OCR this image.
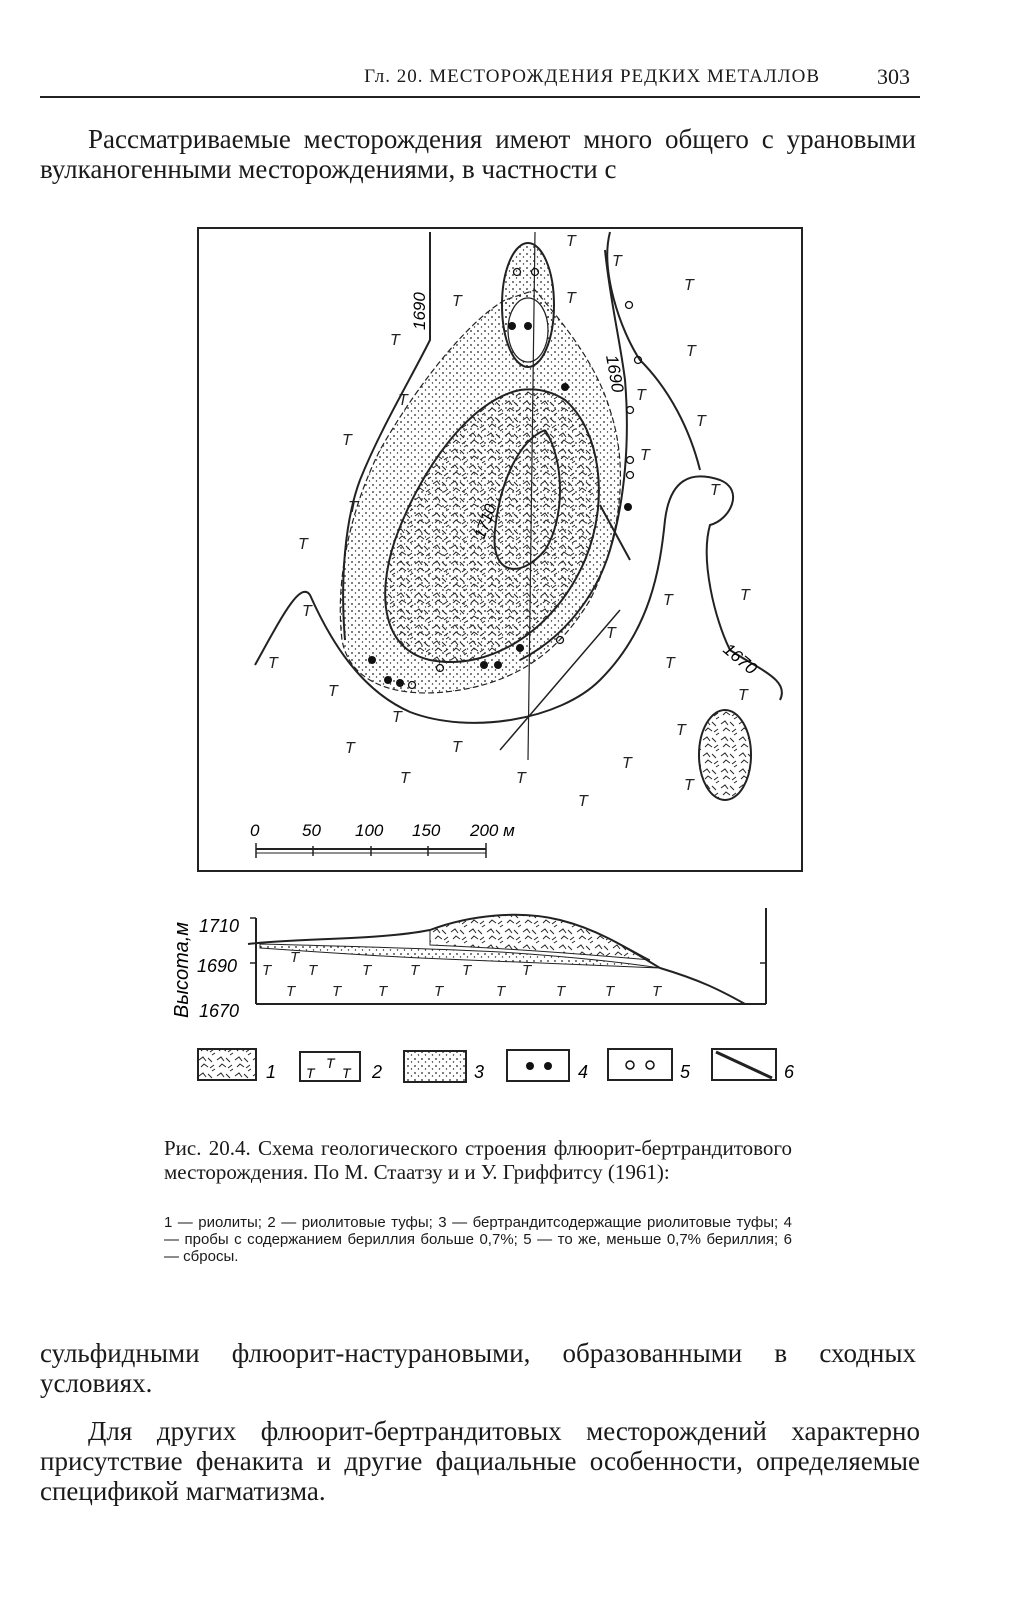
Гл. 20. МЕСТОРОЖДЕНИЯ РЕДКИХ МЕТАЛЛОВ	303
Рассматриваемые месторождения имеют много общего с урановыми вулканогенными месторождениями, в частности с
T
T
T
T
T
T
T
T
T
T
T	T
T	T
T
T
T
T
T
T
T
T
T
T
T
T
T
T
T
T
T
T
1690
1690
1710
1670
0	50 100 150 200 м
Высота,м 1710
1690
1670
T
T
T	T	T	T	T
T T T	T	T	T	T	T
1 T
T
T 2	3	4	5	6
Рис. 20.4. Схема геологического строения флюорит-бертрандитового месторождения. По М. Стаатзу и и У. Гриффитсу (1961):
1 — риолиты; 2 — риолитовые туфы; 3 — бертрандитсодержащие риолитовые туфы; 4 — пробы с содержанием бериллия больше 0,7%; 5 — то же, меньше 0,7% бериллия; 6 — сбросы.
сульфидными флюорит-настурановыми, образованными в сходных условиях.
Для других флюорит-бертрандитовых месторождений характерно присутствие фенакита и другие фациальные особенности, определяемые спецификой магматизма.
